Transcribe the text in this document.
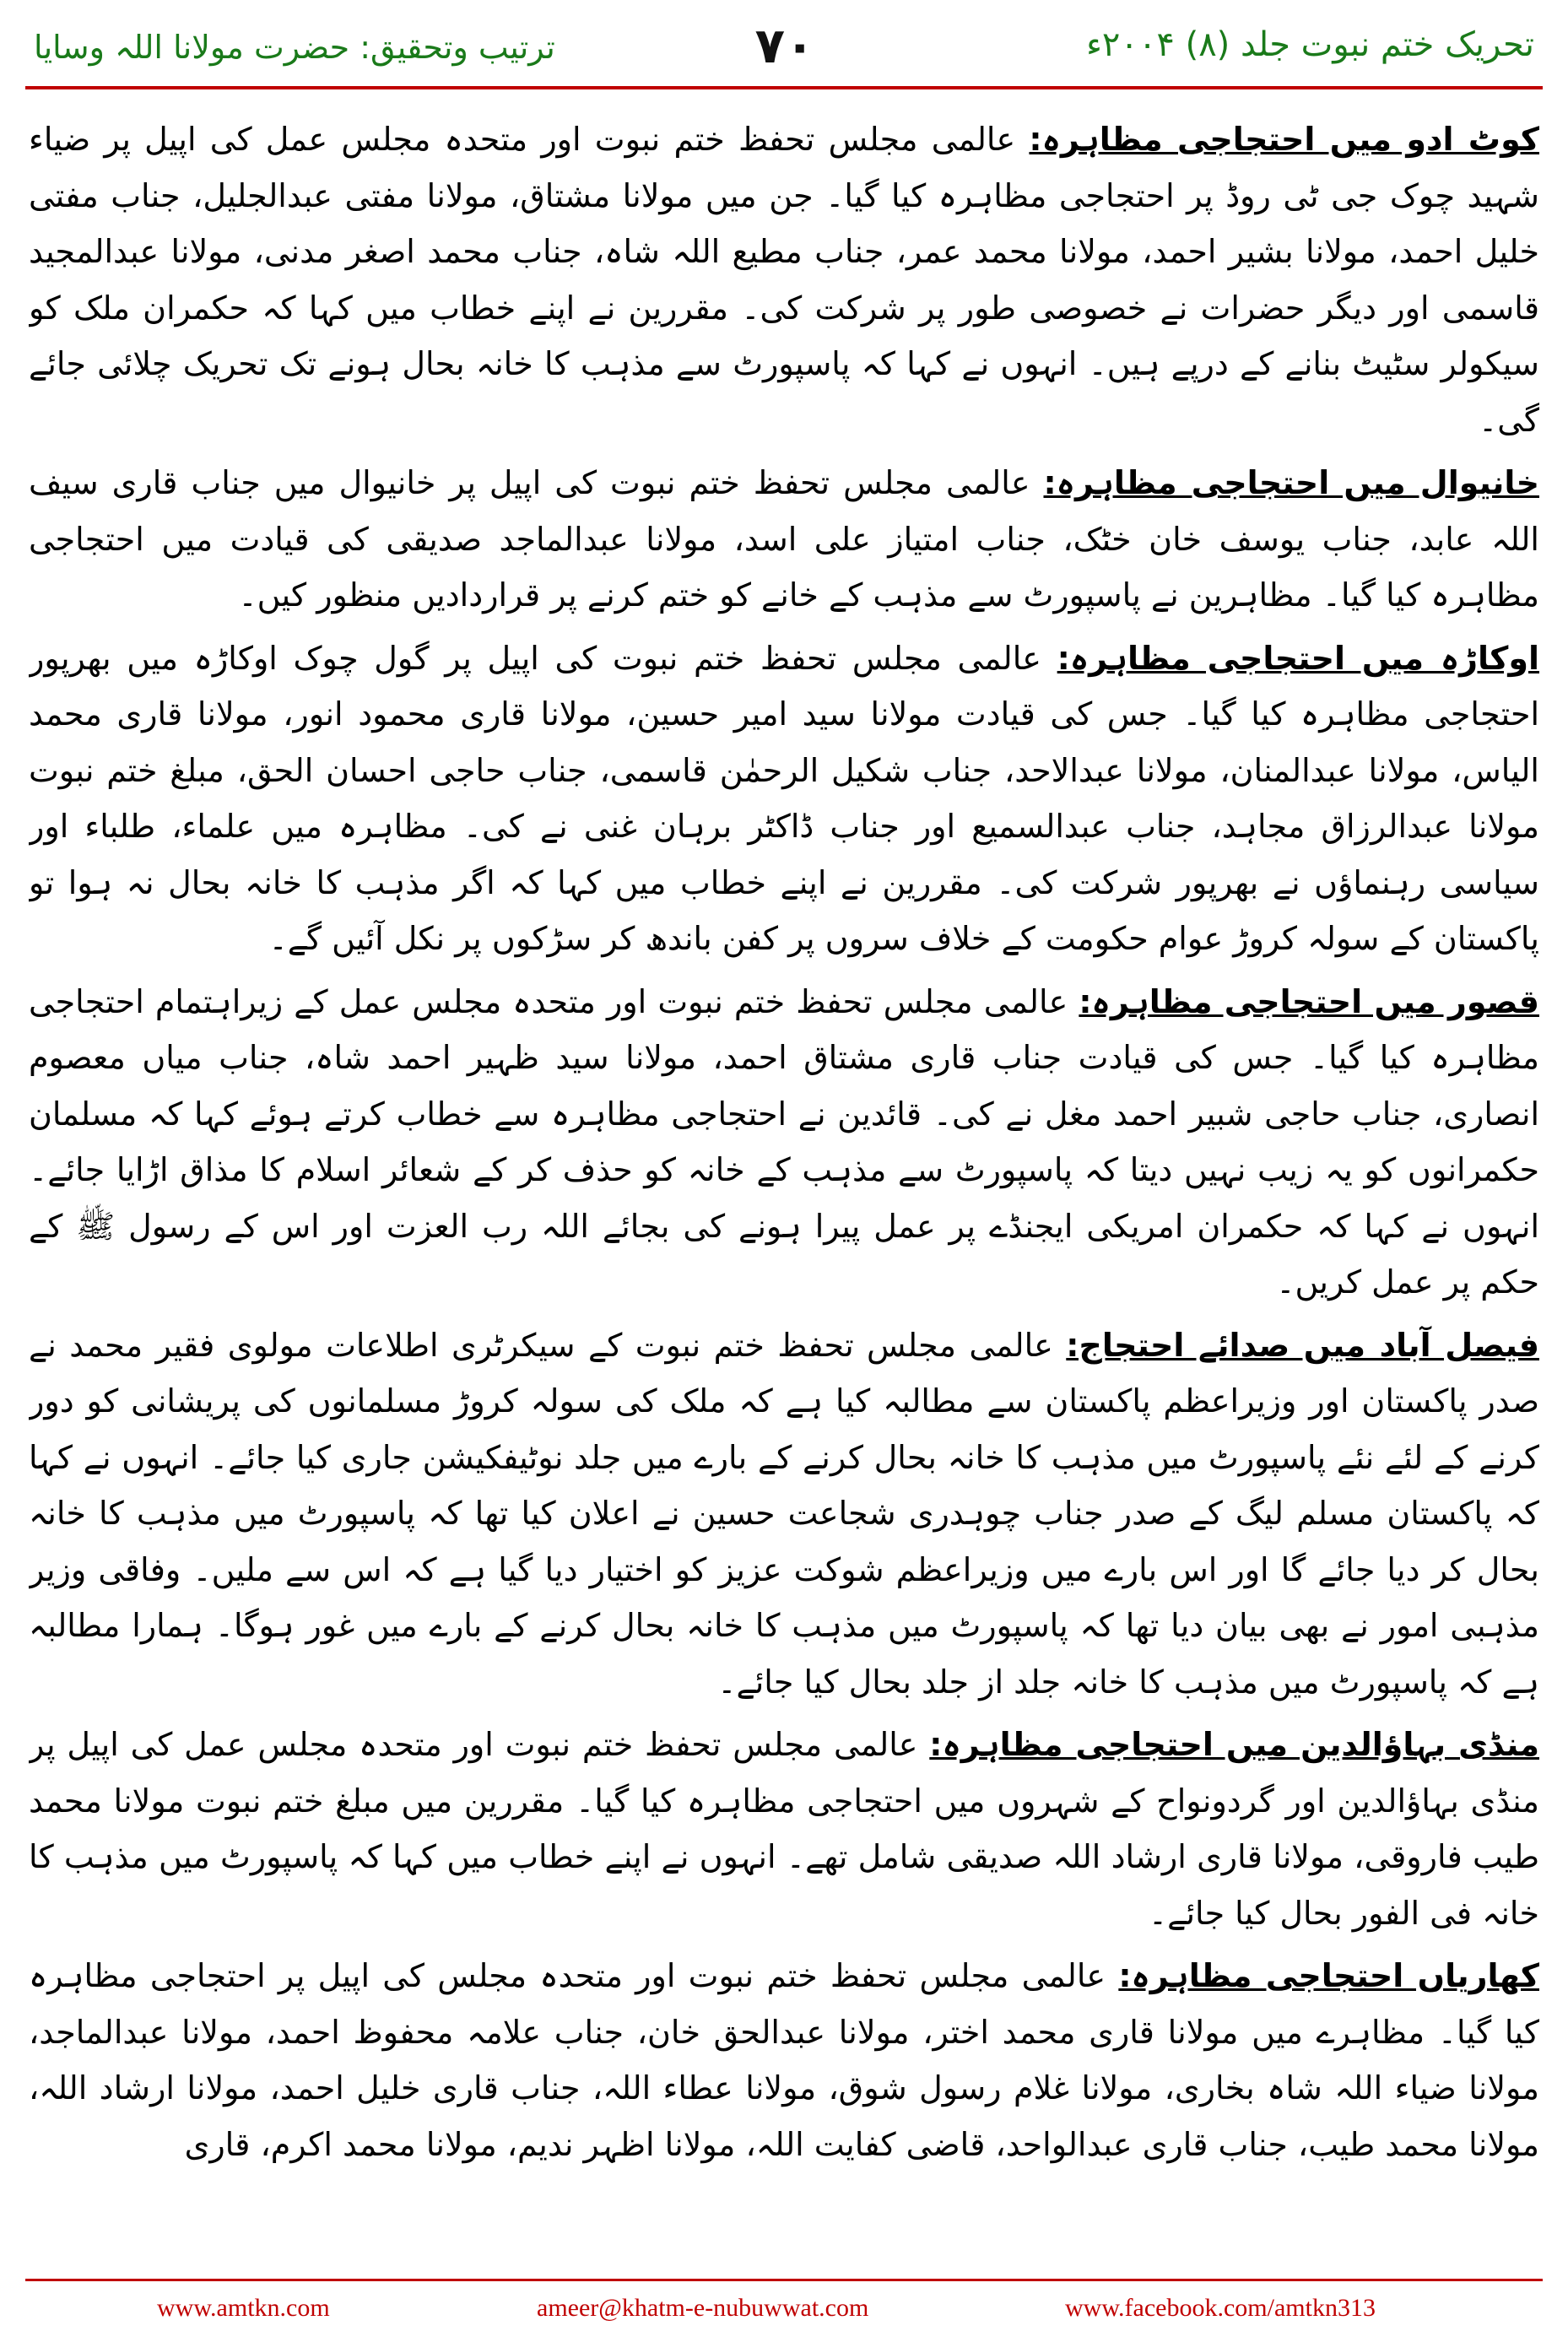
تحریک ختم نبوت جلد (۸) ۲۰۰۴ء
۷۰
ترتیب وتحقیق: حضرت مولانا اللہ وسایا

کوٹ ادو میں احتجاجی مظاہرہ: عالمی مجلس تحفظ ختم نبوت اور متحدہ مجلس عمل کی اپیل پر ضیاء شہید چوک جی ٹی روڈ پر احتجاجی مظاہرہ کیا گیا۔ جن میں مولانا مشتاق، مولانا مفتی عبدالجلیل، جناب مفتی خلیل احمد، مولانا بشیر احمد، مولانا محمد عمر، جناب مطیع اللہ شاہ، جناب محمد اصغر مدنی، مولانا عبدالمجید قاسمی اور دیگر حضرات نے خصوصی طور پر شرکت کی۔ مقررین نے اپنے خطاب میں کہا کہ حکمران ملک کو سیکولر سٹیٹ بنانے کے درپے ہیں۔ انہوں نے کہا کہ پاسپورٹ سے مذہب کا خانہ بحال ہونے تک تحریک چلائی جائے گی۔

خانیوال میں احتجاجی مظاہرہ: عالمی مجلس تحفظ ختم نبوت کی اپیل پر خانیوال میں جناب قاری سیف اللہ عابد، جناب یوسف خان خٹک، جناب امتیاز علی اسد، مولانا عبدالماجد صدیقی کی قیادت میں احتجاجی مظاہرہ کیا گیا۔ مظاہرین نے پاسپورٹ سے مذہب کے خانے کو ختم کرنے پر قراردادیں منظور کیں۔

اوکاڑہ میں احتجاجی مظاہرہ: عالمی مجلس تحفظ ختم نبوت کی اپیل پر گول چوک اوکاڑہ میں بھرپور احتجاجی مظاہرہ کیا گیا۔ جس کی قیادت مولانا سید امیر حسین، مولانا قاری محمود انور، مولانا قاری محمد الیاس، مولانا عبدالمنان، مولانا عبدالاحد، جناب شکیل الرحمٰن قاسمی، جناب حاجی احسان الحق، مبلغ ختم نبوت مولانا عبدالرزاق مجاہد، جناب عبدالسمیع اور جناب ڈاکٹر برہان غنی نے کی۔ مظاہرہ میں علماء، طلباء اور سیاسی رہنماؤں نے بھرپور شرکت کی۔ مقررین نے اپنے خطاب میں کہا کہ اگر مذہب کا خانہ بحال نہ ہوا تو پاکستان کے سولہ کروڑ عوام حکومت کے خلاف سروں پر کفن باندھ کر سڑکوں پر نکل آئیں گے۔

قصور میں احتجاجی مظاہرہ: عالمی مجلس تحفظ ختم نبوت اور متحدہ مجلس عمل کے زیراہتمام احتجاجی مظاہرہ کیا گیا۔ جس کی قیادت جناب قاری مشتاق احمد، مولانا سید ظہیر احمد شاہ، جناب میاں معصوم انصاری، جناب حاجی شبیر احمد مغل نے کی۔ قائدین نے احتجاجی مظاہرہ سے خطاب کرتے ہوئے کہا کہ مسلمان حکمرانوں کو یہ زیب نہیں دیتا کہ پاسپورٹ سے مذہب کے خانہ کو حذف کر کے شعائر اسلام کا مذاق اڑایا جائے۔ انہوں نے کہا کہ حکمران امریکی ایجنڈے پر عمل پیرا ہونے کی بجائے اللہ رب العزت اور اس کے رسول ﷺ کے حکم پر عمل کریں۔

فیصل آباد میں صدائے احتجاج: عالمی مجلس تحفظ ختم نبوت کے سیکرٹری اطلاعات مولوی فقیر محمد نے صدر پاکستان اور وزیراعظم پاکستان سے مطالبہ کیا ہے کہ ملک کی سولہ کروڑ مسلمانوں کی پریشانی کو دور کرنے کے لئے نئے پاسپورٹ میں مذہب کا خانہ بحال کرنے کے بارے میں جلد نوٹیفکیشن جاری کیا جائے۔ انہوں نے کہا کہ پاکستان مسلم لیگ کے صدر جناب چوہدری شجاعت حسین نے اعلان کیا تھا کہ پاسپورٹ میں مذہب کا خانہ بحال کر دیا جائے گا اور اس بارے میں وزیراعظم شوکت عزیز کو اختیار دیا گیا ہے کہ اس سے ملیں۔ وفاقی وزیر مذہبی امور نے بھی بیان دیا تھا کہ پاسپورٹ میں مذہب کا خانہ بحال کرنے کے بارے میں غور ہوگا۔ ہمارا مطالبہ ہے کہ پاسپورٹ میں مذہب کا خانہ جلد از جلد بحال کیا جائے۔

منڈی بہاؤالدین میں احتجاجی مظاہرہ: عالمی مجلس تحفظ ختم نبوت اور متحدہ مجلس عمل کی اپیل پر منڈی بہاؤالدین اور گردونواح کے شہروں میں احتجاجی مظاہرہ کیا گیا۔ مقررین میں مبلغ ختم نبوت مولانا محمد طیب فاروقی، مولانا قاری ارشاد اللہ صدیقی شامل تھے۔ انہوں نے اپنے خطاب میں کہا کہ پاسپورٹ میں مذہب کا خانہ فی الفور بحال کیا جائے۔

کھاریاں احتجاجی مظاہرہ: عالمی مجلس تحفظ ختم نبوت اور متحدہ مجلس کی اپیل پر احتجاجی مظاہرہ کیا گیا۔ مظاہرے میں مولانا قاری محمد اختر، مولانا عبدالحق خان، جناب علامہ محفوظ احمد، مولانا عبدالماجد، مولانا ضیاء اللہ شاہ بخاری، مولانا غلام رسول شوق، مولانا عطاء اللہ، جناب قاری خلیل احمد، مولانا ارشاد اللہ، مولانا محمد طیب، جناب قاری عبدالواحد، قاضی کفایت اللہ، مولانا اظہر ندیم، مولانا محمد اکرم، قاری

www.amtkn.com	ameer@khatm-e-nubuwwat.com	www.facebook.com/amtkn313
